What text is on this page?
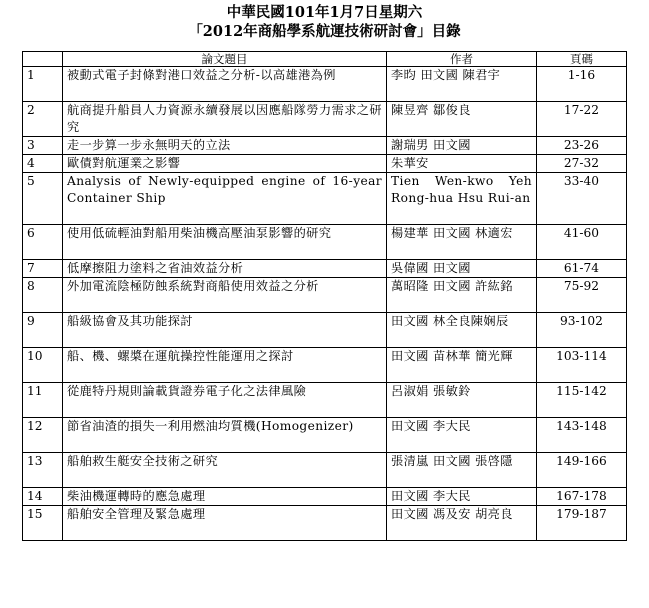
中華民國101年1月7日星期六
「2012年商船學系航運技術研討會」目錄
	論文題目	作者	頁碼
1	被動式電子封條對港口效益之分析-以高雄港為例	李昀 田文國 陳君宇	1-16
2	航商提升船員人力資源永續發展以因應船隊勞力需求之研究	陳昱齊 鄒俊良	17-22
3	走一步算一步永無明天的立法	謝瑞男 田文國	23-26
4	歐債對航運業之影響	朱華安	27-32
5	Analysis of Newly-equipped engine of 16-year Container Ship	Tien Wen-kwo Yeh Rong-hua Hsu Rui-an	33-40
6	使用低硫輕油對船用柴油機高壓油泵影響的研究	楊建華 田文國 林適宏	41-60
7	低摩擦阻力塗料之省油效益分析	吳偉國 田文國	61-74
8	外加電流陰極防蝕系統對商船使用效益之分析	萬昭隆 田文國 許紘銘	75-92
9	船級協會及其功能探討	田文國 林全良陳娴辰	93-102
10	船、機、螺槳在運航操控性能運用之探討	田文國 苗林華 簡光輝	103-114
11	從鹿特丹規則論載貨證券電子化之法律風險	呂淑娟 張敏鈴	115-142
12	節省油渣的損失一利用燃油均質機(Homogenizer)	田文國 李大民	143-148
13	船舶救生艇安全技術之研究	張清嵐 田文國 張啓隱	149-166
14	柴油機運轉時的應急處理	田文國 李大民	167-178
15	船舶安全管理及緊急處理	田文國 馮及安 胡亮良	179-187
